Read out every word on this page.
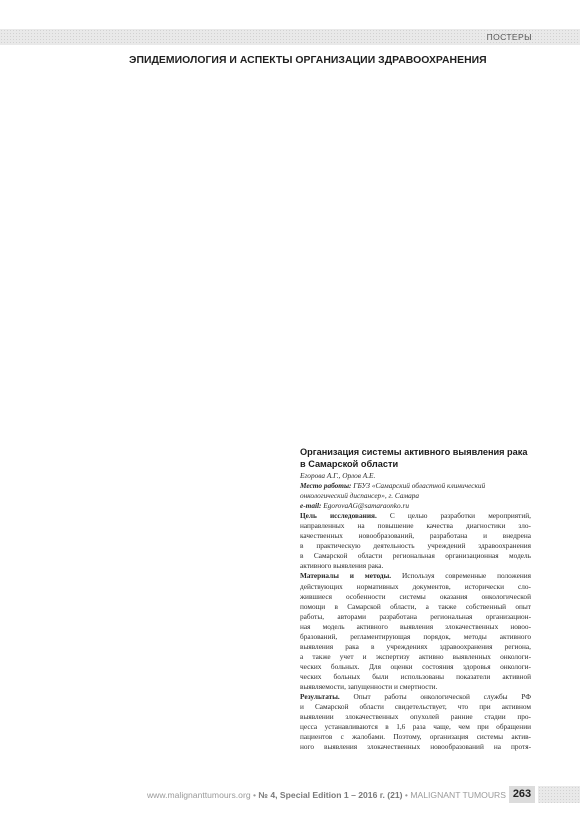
ПОСТЕРЫ
ЭПИДЕМИОЛОГИЯ И АСПЕКТЫ ОРГАНИЗАЦИИ ЗДРАВООХРАНЕНИЯ
Организация системы активного выявления рака
в Самарской области
Егорова А.Г., Орлов А.Е.
Место работы: ГБУЗ «Самарский областной клинический
онкологический диспансер», г. Самара
e-mail: EgorovaAG@samaraonko.ru
Цель исследования. С целью разработки мероприятий,
направленных на повышение качества диагностики зло-
качественных новообразований, разработана и внедрена
в практическую деятельность учреждений здравоохранения
в Самарской области региональная организационная модель
активного выявления рака.
Материалы и методы. Используя современные положения
действующих нормативных документов, исторически сло-
жившиеся особенности системы оказания онкологической
помощи в Самарской области, а также собственный опыт
работы, авторами разработана региональная организацион-
ная модель активного выявления злокачественных новоо-
бразований, регламентирующая порядок, методы активного
выявления рака в учреждениях здравоохранения региона,
а также учет и экспертизу активно выявленных онкологи-
ческих больных. Для оценки состояния здоровья онкологи-
ческих больных были использованы показатели активной
выявляемости, запущенности и смертности.
Результаты. Опыт работы онкологической службы РФ
и Самарской области свидетельствует, что при активном
выявлении злокачественных опухолей ранние стадии про-
цесса устанавливаются в 1,6 раза чаще, чем при обращении
пациентов с жалобами. Поэтому, организация системы актив-
ного выявления злокачественных новообразований на протя-
www.malignanttumours.org • № 4, Special Edition 1 – 2016 г. (21) • MALIGNANT TUMOURS 263
